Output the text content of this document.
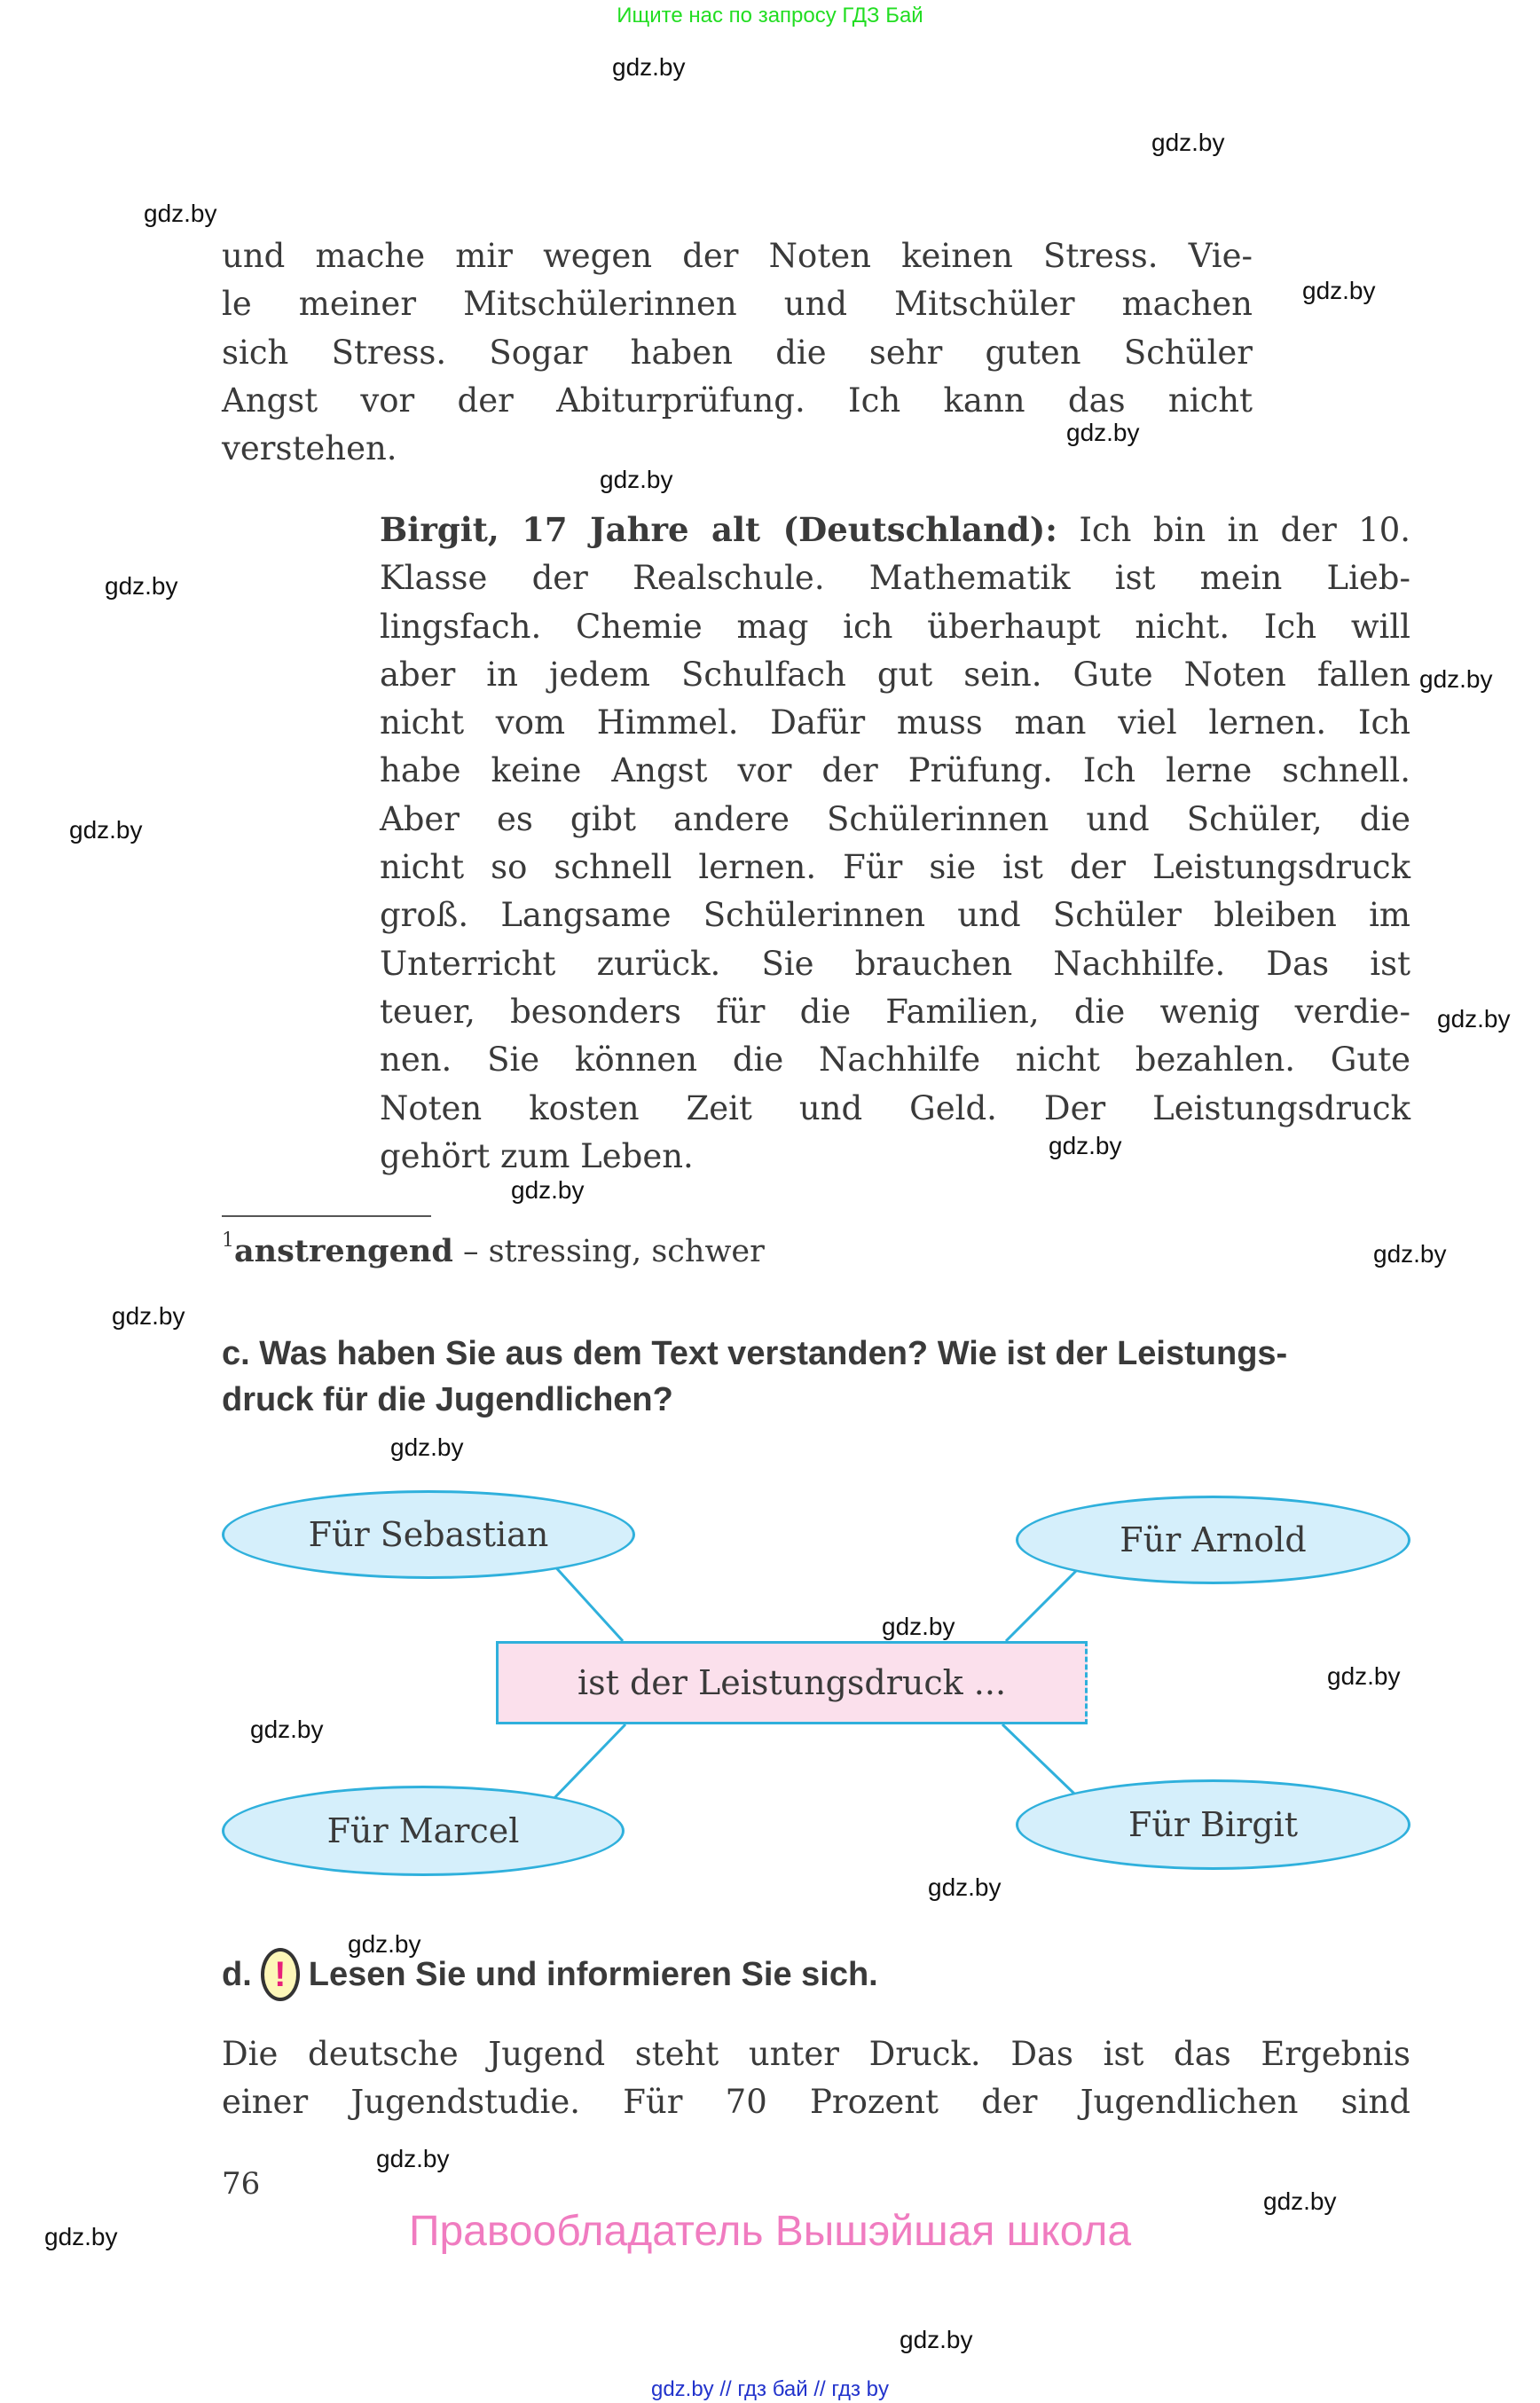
Ищите нас по запросу ГДЗ Бай
gdz.by
gdz.by
gdz.by
gdz.by
gdz.by
gdz.by
gdz.by
gdz.by
gdz.by
gdz.by
gdz.by
gdz.by
gdz.by
gdz.by
gdz.by
gdz.by
gdz.by
gdz.by
gdz.by
gdz.by
gdz.by
gdz.by
gdz.by
gdz.by
und mache mir wegen der Noten keinen Stress. Vie-
le meiner Mitschülerinnen und Mitschüler machen
sich Stress. Sogar haben die sehr guten Schüler
Angst vor der Abiturprüfung. Ich kann das nicht
verstehen.
Birgit, 17 Jahre alt (Deutschland): Ich bin in der 10.
Klasse der Realschule. Mathematik ist mein Lieb-
lingsfach. Chemie mag ich überhaupt nicht. Ich will
aber in jedem Schulfach gut sein. Gute Noten fallen
nicht vom Himmel. Dafür muss man viel lernen. Ich
habe keine Angst vor der Prüfung. Ich lerne schnell.
Aber es gibt andere Schülerinnen und Schüler, die
nicht so schnell lernen. Für sie ist der Leistungsdruck
groß. Langsame Schülerinnen und Schüler bleiben im
Unterricht zurück. Sie brauchen Nachhilfe. Das ist
teuer, besonders für die Familien, die wenig verdie-
nen. Sie können die Nachhilfe nicht bezahlen. Gute
Noten kosten Zeit und Geld. Der Leistungsdruck
gehört zum Leben.
$^1$anstrengend – stressing, schwer
c. Was haben Sie aus dem Text verstanden? Wie ist der Leistungs-
druck für die Jugendlichen?
Für Sebastian	Für Arnold
ist der Leistungsdruck ...
Für Marcel	Für Birgit
d. ! Lesen Sie und informieren Sie sich.
Die deutsche Jugend steht unter Druck. Das ist das Ergebnis
einer Jugendstudie. Für 70 Prozent der Jugendlichen sind
76
Правообладатель Вышэйшая школа
gdz.by // гдз бай // гдз by
